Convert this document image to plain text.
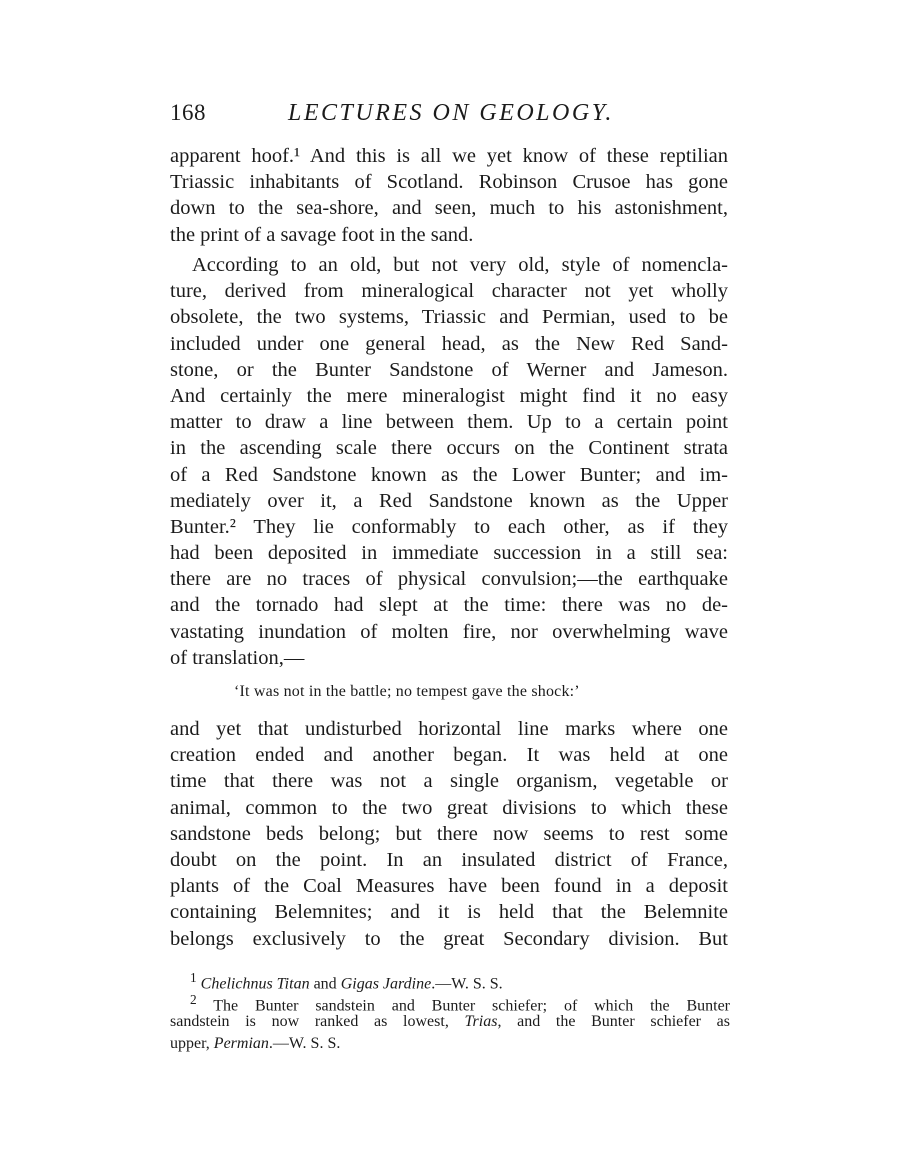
168	LECTURES ON GEOLOGY.
apparent hoof.¹ And this is all we yet know of these reptilian
Triassic inhabitants of Scotland. Robinson Crusoe has gone
down to the sea-shore, and seen, much to his astonishment,
the print of a savage foot in the sand.
According to an old, but not very old, style of nomencla-
ture, derived from mineralogical character not yet wholly
obsolete, the two systems, Triassic and Permian, used to be
included under one general head, as the New Red Sand-
stone, or the Bunter Sandstone of Werner and Jameson.
And certainly the mere mineralogist might find it no easy
matter to draw a line between them. Up to a certain point
in the ascending scale there occurs on the Continent strata
of a Red Sandstone known as the Lower Bunter; and im-
mediately over it, a Red Sandstone known as the Upper
Bunter.² They lie conformably to each other, as if they
had been deposited in immediate succession in a still sea:
there are no traces of physical convulsion;—the earthquake
and the tornado had slept at the time: there was no de-
vastating inundation of molten fire, nor overwhelming wave
of translation,—
‘It was not in the battle; no tempest gave the shock:’
and yet that undisturbed horizontal line marks where one
creation ended and another began. It was held at one
time that there was not a single organism, vegetable or
animal, common to the two great divisions to which these
sandstone beds belong; but there now seems to rest some
doubt on the point. In an insulated district of France,
plants of the Coal Measures have been found in a deposit
containing Belemnites; and it is held that the Belemnite
belongs exclusively to the great Secondary division. But
$^1$ Chelichnus Titan and Gigas Jardine.—W. S. S.
$^2$ The Bunter sandstein and Bunter schiefer; of which the Bunter
sandstein is now ranked as lowest, Trias, and the Bunter schiefer as
upper, Permian.—W. S. S.
